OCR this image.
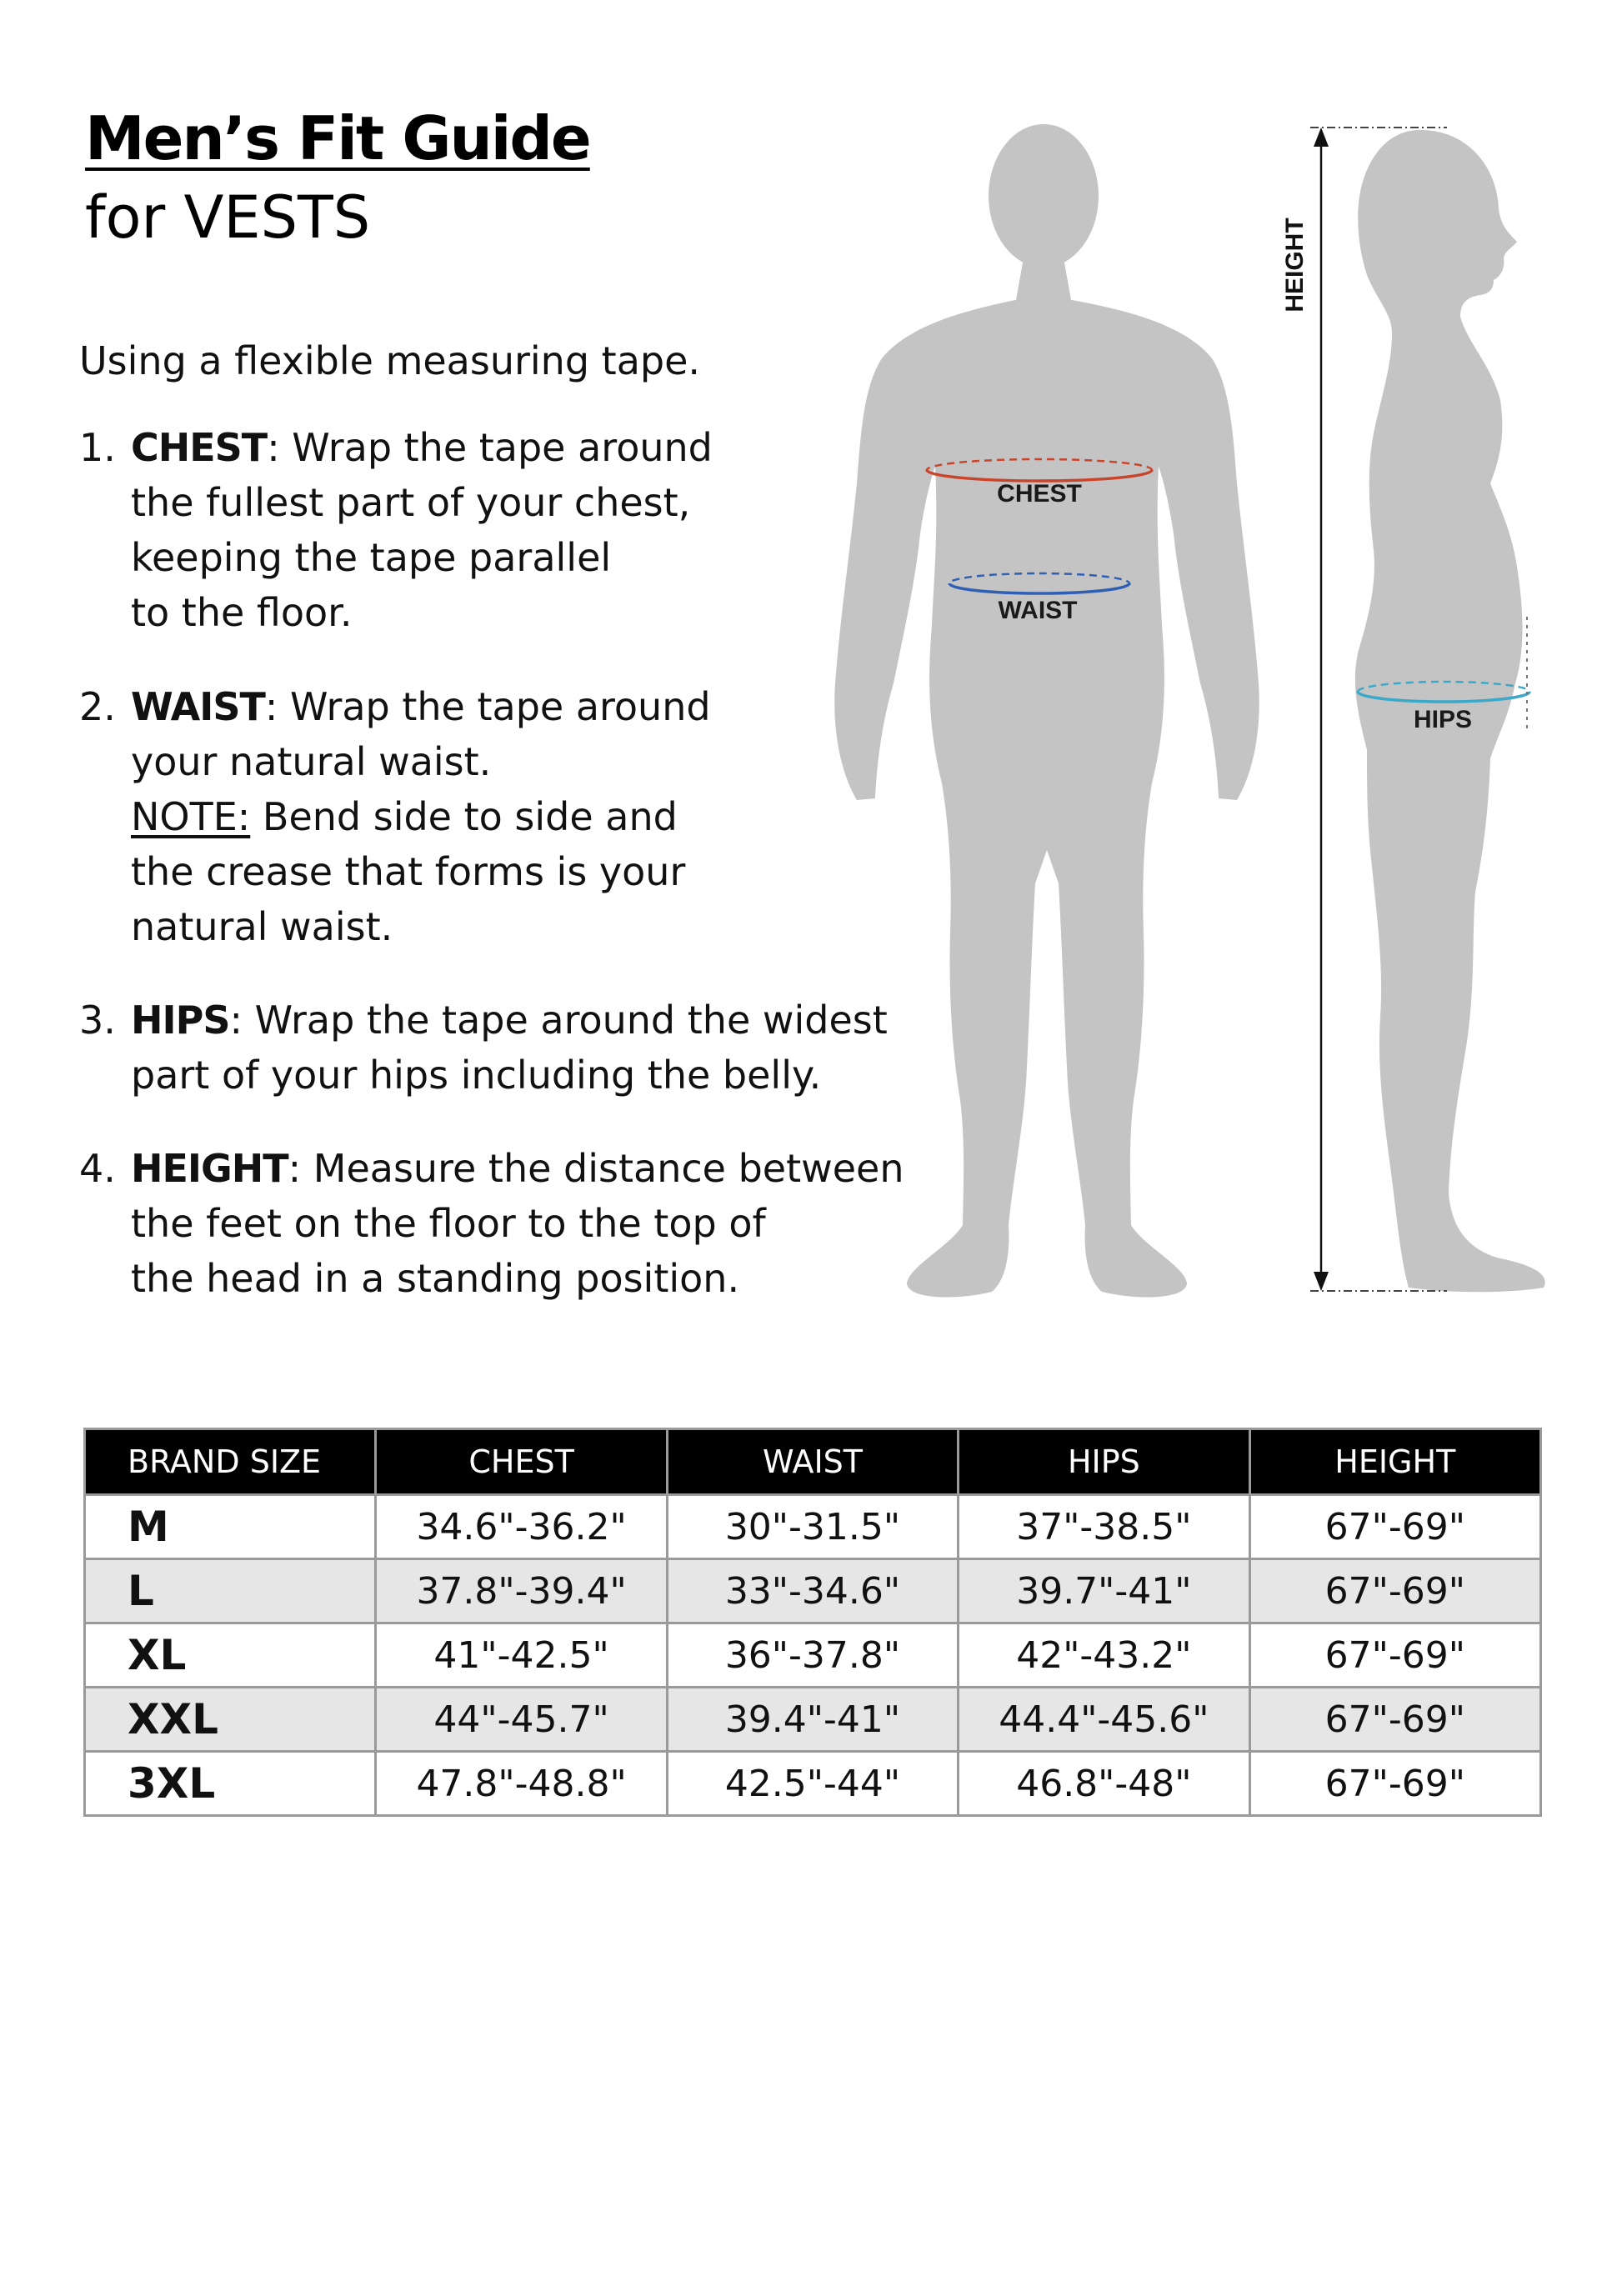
Men’s Fit Guide
for VESTS
Using a flexible measuring tape.
1. CHEST: Wrap the tape around
the fullest part of your chest,
keeping the tape parallel
to the floor.
2. WAIST: Wrap the tape around
your natural waist.
NOTE: Bend side to side and
the crease that forms is your
natural waist.
3. HIPS: Wrap the tape around the widest
part of your hips including the belly.
4. HEIGHT: Measure the distance between
the feet on the floor to the top of
the head in a standing position.
CHEST
WAIST
HIPS
HEIGHT
BRAND SIZE	CHEST	WAIST	HIPS	HEIGHT
M	34.6"-36.2"	30"-31.5"	37"-38.5"	67"-69"
L	37.8"-39.4"	33"-34.6"	39.7"-41"	67"-69"
XL	41"-42.5"	36"-37.8"	42"-43.2"	67"-69"
XXL	44"-45.7"	39.4"-41"	44.4"-45.6"	67"-69"
3XL	47.8"-48.8"	42.5"-44"	46.8"-48"	67"-69"
